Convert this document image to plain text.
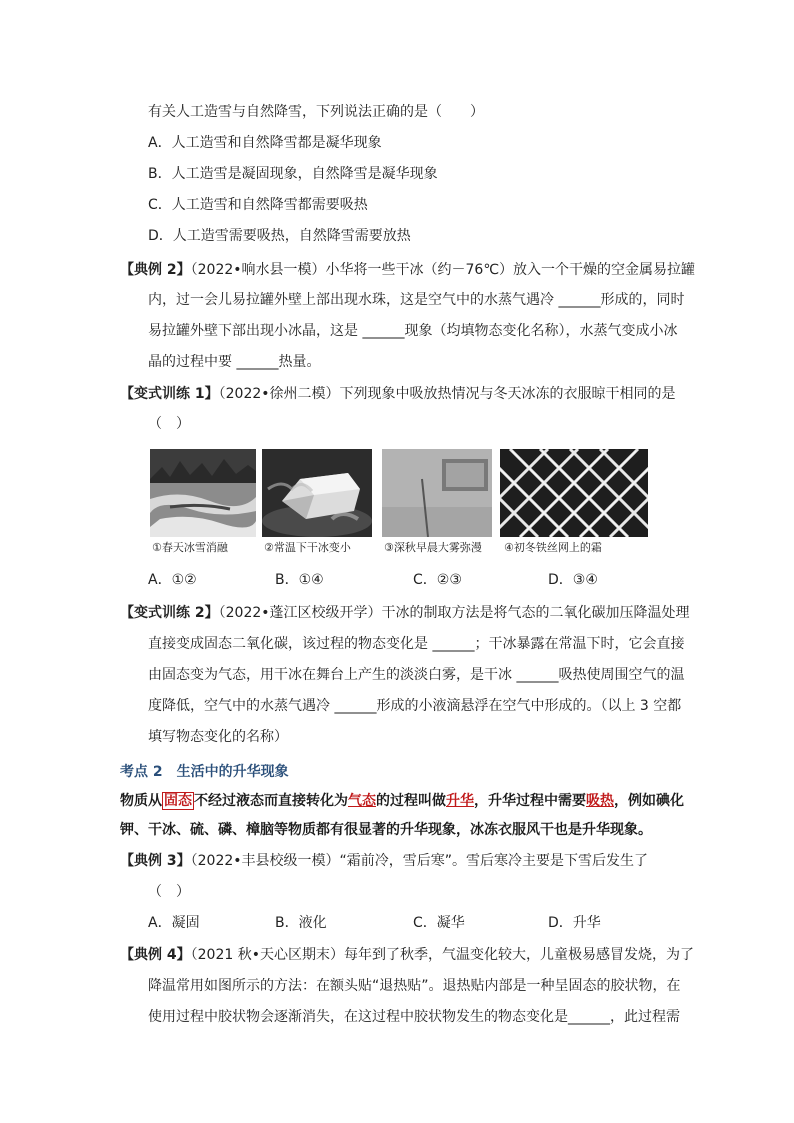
有关人工造雪与自然降雪，下列说法正确的是（　　）
A．人工造雪和自然降雪都是凝华现象
B．人工造雪是凝固现象，自然降雪是凝华现象
C．人工造雪和自然降雪都需要吸热
D．人工造雪需要吸热，自然降雪需要放热
【典例 2】（2022•响水县一模）小华将一些干冰（约－76℃）放入一个干燥的空金属易拉罐
内，过一会儿易拉罐外壁上部出现水珠，这是空气中的水蒸气遇冷 ______形成的，同时
易拉罐外壁下部出现小冰晶，这是 ______现象（均填物态变化名称），水蒸气变成小冰
晶的过程中要 ______热量。
【变式训练 1】（2022•徐州二模）下列现象中吸放热情况与冬天冰冻的衣服晾干相同的是
（　）
①春天冰雪消融	②常温下干冰变小	③深秋早晨大雾弥漫 ④初冬铁丝网上的霜
A．①②	B．①④	C．②③	D．③④
【变式训练 2】（2022•蓬江区校级开学）干冰的制取方法是将气态的二氧化碳加压降温处理
直接变成固态二氧化碳，该过程的物态变化是 ______；干冰暴露在常温下时，它会直接
由固态变为气态，用干冰在舞台上产生的淡淡白雾，是干冰 ______吸热使周围空气的温
度降低，空气中的水蒸气遇冷 ______形成的小液滴悬浮在空气中形成的。（以上 3 空都
填写物态变化的名称）
考点 2　生活中的升华现象
物质从 固态 不经过液态而直接转化为气态的过程叫做升华，升华过程中需要吸热，例如碘化
钾、干冰、硫、磷、樟脑等物质都有很显著的升华现象，冰冻衣服风干也是升华现象。
【典例 3】（2022•丰县校级一模）“霜前冷，雪后寒”。雪后寒冷主要是下雪后发生了
（　）
A．凝固	B．液化	C．凝华	D．升华
【典例 4】（2021 秋•天心区期末）每年到了秋季，气温变化较大，儿童极易感冒发烧，为了
降温常用如图所示的方法：在额头贴“退热贴”。退热贴内部是一种呈固态的胶状物，在
使用过程中胶状物会逐渐消失，在这过程中胶状物发生的物态变化是______，此过程需
